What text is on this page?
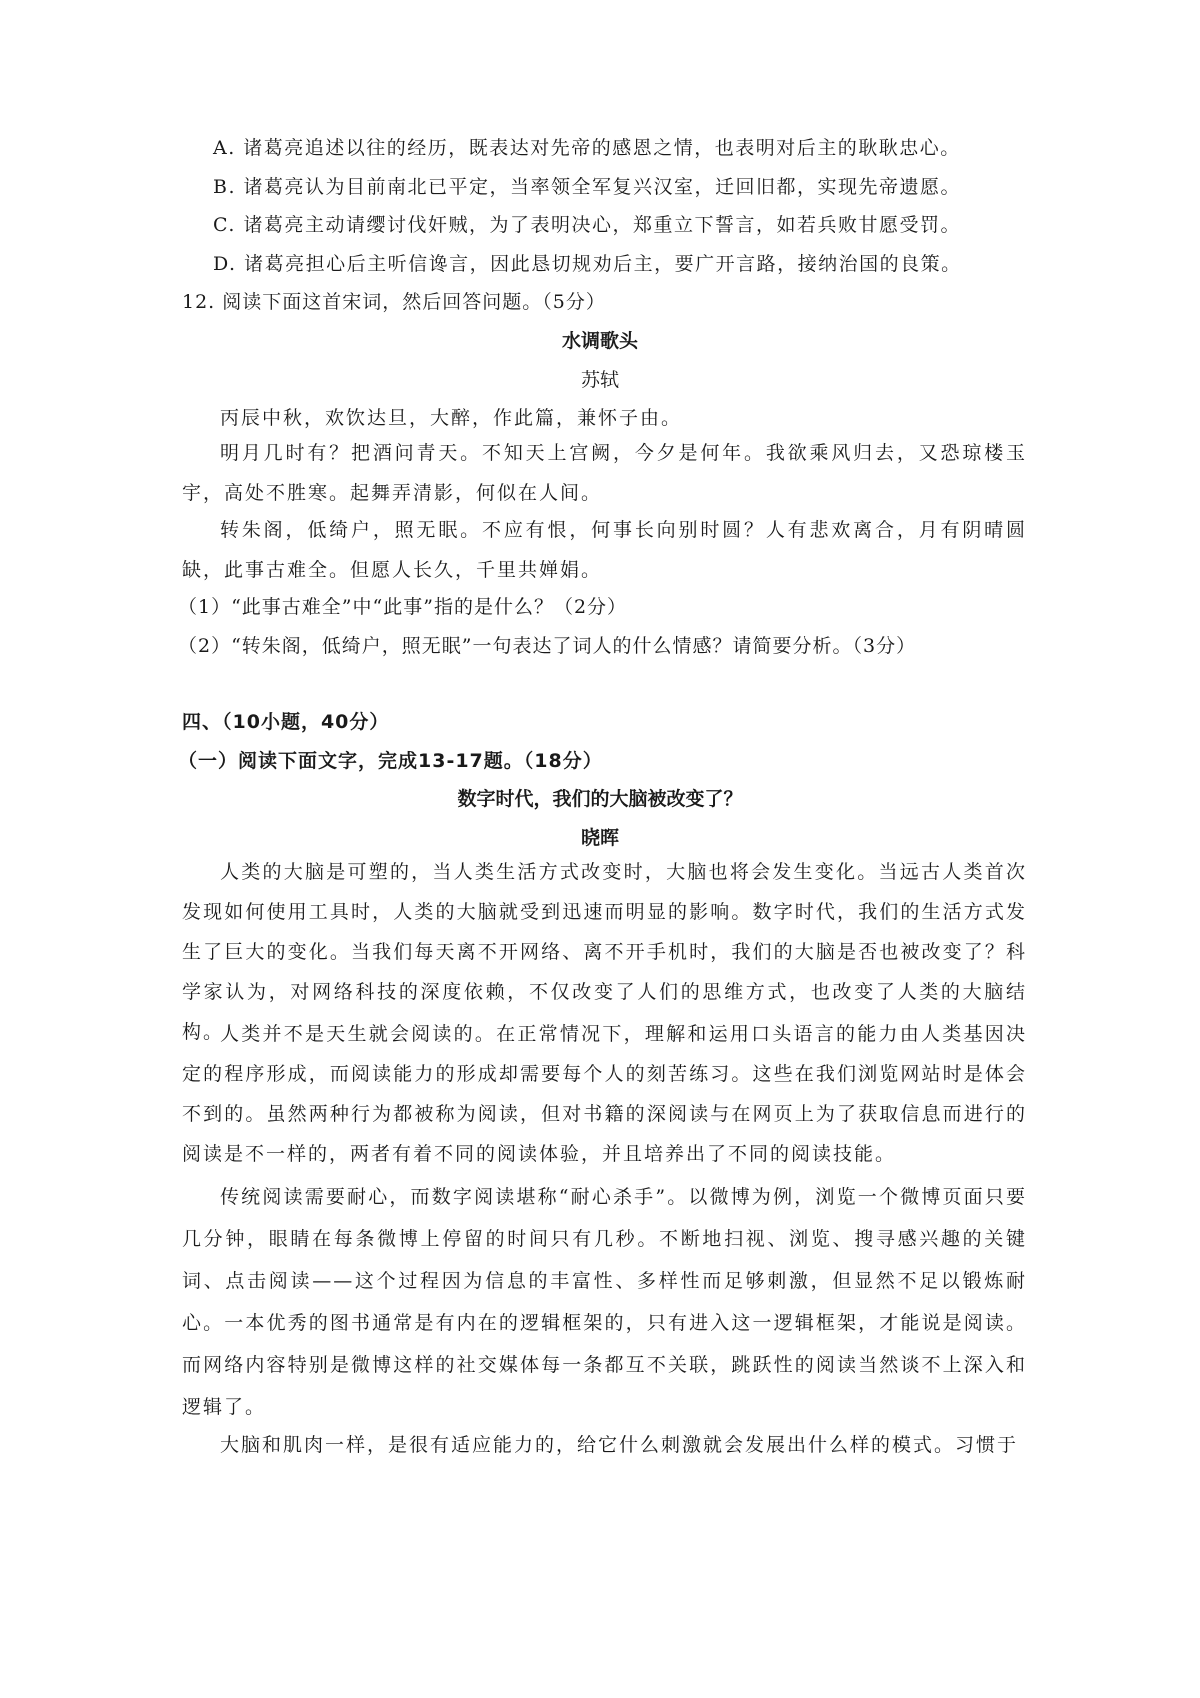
A. 诸葛亮追述以往的经历，既表达对先帝的感恩之情，也表明对后主的耿耿忠心。
B. 诸葛亮认为目前南北已平定，当率领全军复兴汉室，迁回旧都，实现先帝遗愿。
C. 诸葛亮主动请缨讨伐奸贼，为了表明决心，郑重立下誓言，如若兵败甘愿受罚。
D. 诸葛亮担心后主听信谗言，因此恳切规劝后主，要广开言路，接纳治国的良策。
12. 阅读下面这首宋词，然后回答问题。（5分）
水调歌头
苏轼
丙辰中秋，欢饮达旦，大醉，作此篇，兼怀子由。
明月几时有？把酒问青天。不知天上宫阙，今夕是何年。我欲乘风归去，又恐琼楼玉宇，高处不胜寒。起舞弄清影，何似在人间。
转朱阁，低绮户，照无眠。不应有恨，何事长向别时圆？人有悲欢离合，月有阴晴圆缺，此事古难全。但愿人长久，千里共婵娟。
（1）“此事古难全”中“此事”指的是什么？（2分）
（2）“转朱阁，低绮户，照无眠”一句表达了词人的什么情感？请简要分析。（3分）
四、（10小题，40分）
（一）阅读下面文字，完成13-17题。（18分）
数字时代，我们的大脑被改变了？
晓晖
人类的大脑是可塑的，当人类生活方式改变时，大脑也将会发生变化。当远古人类首次发现如何使用工具时，人类的大脑就受到迅速而明显的影响。数字时代，我们的生活方式发生了巨大的变化。当我们每天离不开网络、离不开手机时，我们的大脑是否也被改变了？科学家认为，对网络科技的深度依赖，不仅改变了人们的思维方式，也改变了人类的大脑结构。
人类并不是天生就会阅读的。在正常情况下，理解和运用口头语言的能力由人类基因决定的程序形成，而阅读能力的形成却需要每个人的刻苦练习。这些在我们浏览网站时是体会不到的。虽然两种行为都被称为阅读，但对书籍的深阅读与在网页上为了获取信息而进行的阅读是不一样的，两者有着不同的阅读体验，并且培养出了不同的阅读技能。
传统阅读需要耐心，而数字阅读堪称“耐心杀手”。以微博为例，浏览一个微博页面只要几分钟，眼睛在每条微博上停留的时间只有几秒。不断地扫视、浏览、搜寻感兴趣的关键词、点击阅读——这个过程因为信息的丰富性、多样性而足够刺激，但显然不足以锻炼耐心。一本优秀的图书通常是有内在的逻辑框架的，只有进入这一逻辑框架，才能说是阅读。而网络内容特别是微博这样的社交媒体每一条都互不关联，跳跃性的阅读当然谈不上深入和逻辑了。
大脑和肌肉一样，是很有适应能力的，给它什么刺激就会发展出什么样的模式。习惯于
